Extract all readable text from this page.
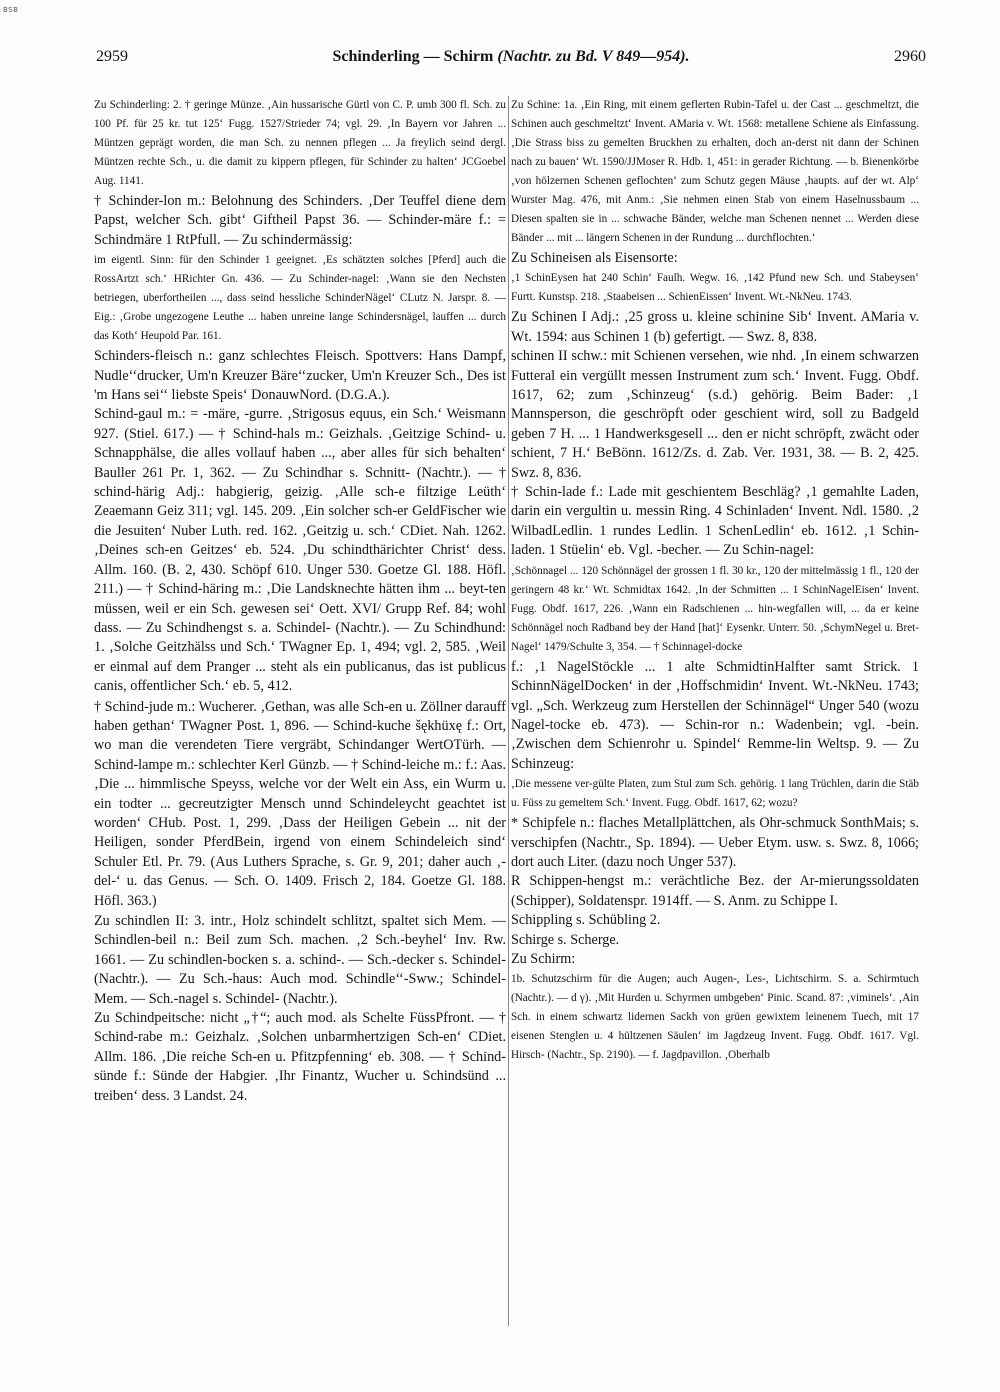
BSB
2959	Schinderling — Schirm (Nachtr. zu Bd. V 849—954).	2960
Zu Schinderling: 2. † geringe Münze. ‚Ain hussarische Gürtl von C. P. umb 300 fl. Sch. zu 100 Pf. für 25 kr. tut 125‘ Fugg. 1527/Strieder 74; vgl. 29. ‚In Bayern vor Jahren ... Müntzen geprägt worden, die man Sch. zu nennen pflegen ... Ja freylich seind dergl. Müntzen rechte Sch., u. die damit zu kippern pflegen, für Schinder zu halten‘ JCGoebel Aug. 1141.
† Schinder-lon m.: Belohnung des Schinders. ‚Der Teuffel diene dem Papst, welcher Sch. gibt‘ Giftheil Papst 36. — Schinder-märe f.: = Schindmäre 1 RtPfull. — Zu schindermässig:
im eigentl. Sinn: für den Schinder 1 geeignet. ‚Es schätzten solches [Pferd] auch die RossArtzt sch.‘ HRichter Gn. 436. — Zu Schinder-nagel: ‚Wann sie den Nechsten betriegen, uberfortheilen ..., dass seind hessliche SchinderNägel‘ CLutz N. Jarspr. 8. — Eig.: ‚Grobe ungezogene Leuthe ... haben unreine lange Schindersnägel, lauffen ... durch das Koth‘ Heupold Par. 161.
Schinders-fleisch n.: ganz schlechtes Fleisch. Spottvers: Hans Dampf, Nudle‘‘drucker, Um'n Kreuzer Bäre‘‘zucker, Um'n Kreuzer Sch., Des ist 'm Hans sei‘‘ liebste Speis‘ DonauwNord. (D.G.A.).
Schind-gaul m.: = -märe, -gurre. ‚Strigosus equus, ein Sch.‘ Weismann 927. (Stiel. 617.) — † Schind-hals m.: Geizhals. ‚Geitzige Schind- u. Schnapphälse, die alles vollauf haben ..., aber alles für sich behalten‘ Bauller 261 Pr. 1, 362. — Zu Schindhar s. Schnitt- (Nachtr.). — † schind-härig Adj.: habgierig, geizig. ‚Alle sch-e filtzige Leüth‘ Zeaemann Geiz 311; vgl. 145. 209. ‚Ein solcher sch-er GeldFischer wie die Jesuiten‘ Nuber Luth. red. 162. ‚Geitzig u. sch.‘ CDiet. Nah. 1262. ‚Deines sch-en Geitzes‘ eb. 524. ‚Du schindthärichter Christ‘ dess. Allm. 160. (B. 2, 430. Schöpf 610. Unger 530. Goetze Gl. 188. Höfl. 211.) — † Schind-häring m.: ‚Die Landsknechte hätten ihm ... beyt-ten müssen, weil er ein Sch. gewesen sei‘ Oett. XVI/ Grupp Ref. 84; wohl dass. — Zu Schindhengst s. a. Schindel- (Nachtr.). — Zu Schindhund: 1. ‚Solche Geitzhälss und Sch.‘ TWagner Ep. 1, 494; vgl. 2, 585. ‚Weil er einmal auf dem Pranger ... steht als ein publicanus, das ist publicus canis, offentlicher Sch.‘ eb. 5, 412.
† Schind-jude m.: Wucherer. ‚Gethan, was alle Sch-en u. Zöllner darauff haben gethan‘ TWagner Post. 1, 896. — Schind-kuche šękhüxę f.: Ort, wo man die verendeten Tiere vergräbt, Schindanger WertOTürh. — Schind-lampe m.: schlechter Kerl Günzb. — † Schind-leiche m.: f.: Aas. ‚Die ... himmlische Speyss, welche vor der Welt ein Ass, ein Wurm u. ein todter ... gecreutzigter Mensch unnd Schindeleycht geachtet ist worden‘ CHub. Post. 1, 299. ‚Dass der Heiligen Gebein ... nit der Heiligen, sonder PferdBein, irgend von einem Schindeleich sind‘ Schuler Etl. Pr. 79. (Aus Luthers Sprache, s. Gr. 9, 201; daher auch ‚-del-‘ u. das Genus. — Sch. O. 1409. Frisch 2, 184. Goetze Gl. 188. Höfl. 363.)
Zu schindlen II: 3. intr., Holz schindelt schlitzt, spaltet sich Mem. — Schindlen-beil n.: Beil zum Sch. machen. ‚2 Sch.-beyhel‘ Inv. Rw. 1661. — Zu schindlen-bocken s. a. schind-. — Sch.-decker s. Schindel- (Nachtr.). — Zu Sch.-haus: Auch mod. Schindle‘‘-Sww.; Schindel- Mem. — Sch.-nagel s. Schindel- (Nachtr.).
Zu Schindpeitsche: nicht „†“; auch mod. als Schelte FüssPfront. — † Schind-rabe m.: Geizhalz. ‚Solchen unbarmhertzigen Sch-en‘ CDiet. Allm. 186. ‚Die reiche Sch-en u. Pfitzpfenning‘ eb. 308. — † Schind-sünde f.: Sünde der Habgier. ‚Ihr Finantz, Wucher u. Schindsünd ... treiben‘ dess. 3 Landst. 24.
Zu Schine: 1a. ‚Ein Ring, mit einem geflerten Rubin-Tafel u. der Cast ... geschmeltzt, die Schinen auch geschmeltzt‘ Invent. AMaria v. Wt. 1568: metallene Schiene als Einfassung. ‚Die Strass biss zu gemelten Bruckhen zu erhalten, doch an-derst nit dann der Schinen nach zu bauen‘ Wt. 1590/JJMoser R. Hdb. 1, 451: in gerader Richtung. — b. Bienenkörbe ‚von hölzernen Schenen geflochten‘ zum Schutz gegen Mäuse ‚haupts. auf der wt. Alp‘ Wurster Mag. 476, mit Anm.: ‚Sie nehmen einen Stab von einem Haselnussbaum ... Diesen spalten sie in ... schwache Bänder, welche man Schenen nennet ... Werden diese Bänder ... mit ... längern Schenen in der Rundung ... durchflochten.‘
Zu Schineisen als Eisensorte:
‚1 SchinEysen hat 240 Schin‘ Faulh. Wegw. 16. ‚142 Pfund new Sch. und Stabeysen‘ Furtt. Kunstsp. 218. ‚Staabeisen ... SchienEissen‘ Invent. Wt.-NkNeu. 1743.
Zu Schinen I Adj.: ‚25 gross u. kleine schinine Sib‘ Invent. AMaria v. Wt. 1594: aus Schinen 1 (b) gefertigt. — Swz. 8, 838.
schinen II schw.: mit Schienen versehen, wie nhd. ‚In einem schwarzen Futteral ein vergüllt messen Instrument zum sch.‘ Invent. Fugg. Obdf. 1617, 62; zum ‚Schinzeug‘ (s.d.) gehörig. Beim Bader: ‚1 Mannsperson, die geschröpft oder geschient wird, soll zu Badgeld geben 7 H. ... 1 Handwerksgesell ... den er nicht schröpft, zwächt oder schient, 7 H.‘ BeBönn. 1612/Zs. d. Zab. Ver. 1931, 38. — B. 2, 425. Swz. 8, 836.
† Schin-lade f.: Lade mit geschientem Beschläg? ‚1 gemahlte Laden, darin ein vergultin u. messin Ring. 4 Schinladen‘ Invent. Ndl. 1580. ‚2 WilbadLedlin. 1 rundes Ledlin. 1 SchenLedlin‘ eb. 1612. ‚1 Schin-laden. 1 Stüelin‘ eb. Vgl. -becher. — Zu Schin-nagel:
‚Schönnagel ... 120 Schönnägel der grossen 1 fl. 30 kr., 120 der mittelmässig 1 fl., 120 der geringern 48 kr.‘ Wt. Schmidtax 1642. ‚In der Schmitten ... 1 SchinNagelEisen‘ Invent. Fugg. Obdf. 1617, 226. ‚Wann ein Radschienen ... hin-wegfallen will, ... da er keine Schönnägel noch Radband bey der Hand [hat]‘ Eysenkr. Unterr. 50. ‚SchymNegel u. Bret-Nagel‘ 1479/Schulte 3, 354. — † Schinnagel-docke
f.: ‚1 NagelStöckle ... 1 alte SchmidtinHalfter samt Strick. 1 SchinnNägelDocken‘ in der ‚Hoffschmidin‘ Invent. Wt.-NkNeu. 1743; vgl. „Sch. Werkzeug zum Herstellen der Schinnägel“ Unger 540 (wozu Nagel-tocke eb. 473). — Schin-ror n.: Wadenbein; vgl. -bein. ‚Zwischen dem Schienrohr u. Spindel‘ Remme-lin Weltsp. 9. — Zu Schinzeug:
‚Die messene ver-gülte Platen, zum Stul zum Sch. gehörig. 1 lang Trüchlen, darin die Stäb u. Füss zu gemeltem Sch.‘ Invent. Fugg. Obdf. 1617, 62; wozu?
* Schipfele n.: flaches Metallplättchen, als Ohr-schmuck SonthMais; s. verschipfen (Nachtr., Sp. 1894). — Ueber Etym. usw. s. Swz. 8, 1066; dort auch Liter. (dazu noch Unger 537).
R Schippen-hengst m.: verächtliche Bez. der Ar-mierungssoldaten (Schipper), Soldatenspr. 1914ff. — S. Anm. zu Schippe I.
Schippling s. Schübling 2.
Schirge s. Scherge.
Zu Schirm:
1b. Schutzschirm für die Augen; auch Augen-, Les-, Lichtschirm. S. a. Schirmtuch (Nachtr.). — d γ). ‚Mit Hurden u. Schyrmen umbgeben‘ Pinic. Scand. 87: ‚viminels‘. ‚Ain Sch. in einem schwartz lidernen Sackh von grüen gewixtem leinenem Tuech, mit 17 eisenen Stenglen u. 4 hültzenen Säulen‘ im Jagdzeug Invent. Fugg. Obdf. 1617. Vgl. Hirsch- (Nachtr., Sp. 2190). — f. Jagdpavillon. ‚Oberhalb
